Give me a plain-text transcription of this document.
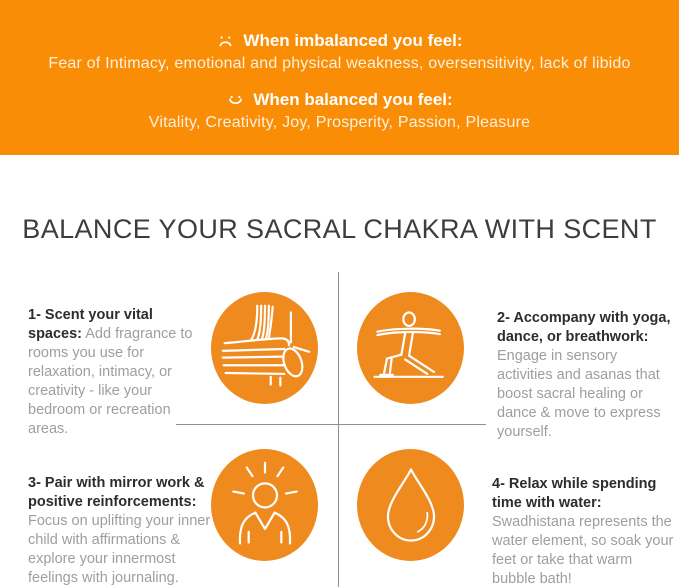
When imbalanced you feel:
Fear of Intimacy, emotional and physical weakness, oversensitivity, lack of libido
When balanced you feel:
Vitality, Creativity, Joy, Prosperity, Passion, Pleasure
BALANCE YOUR SACRAL CHAKRA WITH SCENT

1- Scent your vital spaces: Add fragrance to rooms you use for relaxation, intimacy, or creativity - like your bedroom or recreation areas.

2- Accompany with yoga, dance, or breathwork: Engage in sensory activities and asanas that boost sacral healing or dance & move to express yourself.

3- Pair with mirror work & positive reinforcements: Focus on uplifting your inner child with affirmations & explore your innermost feelings with journaling.

4- Relax while spending time with water: Swadhistana represents the water element, so soak your feet or take that warm bubble bath!
